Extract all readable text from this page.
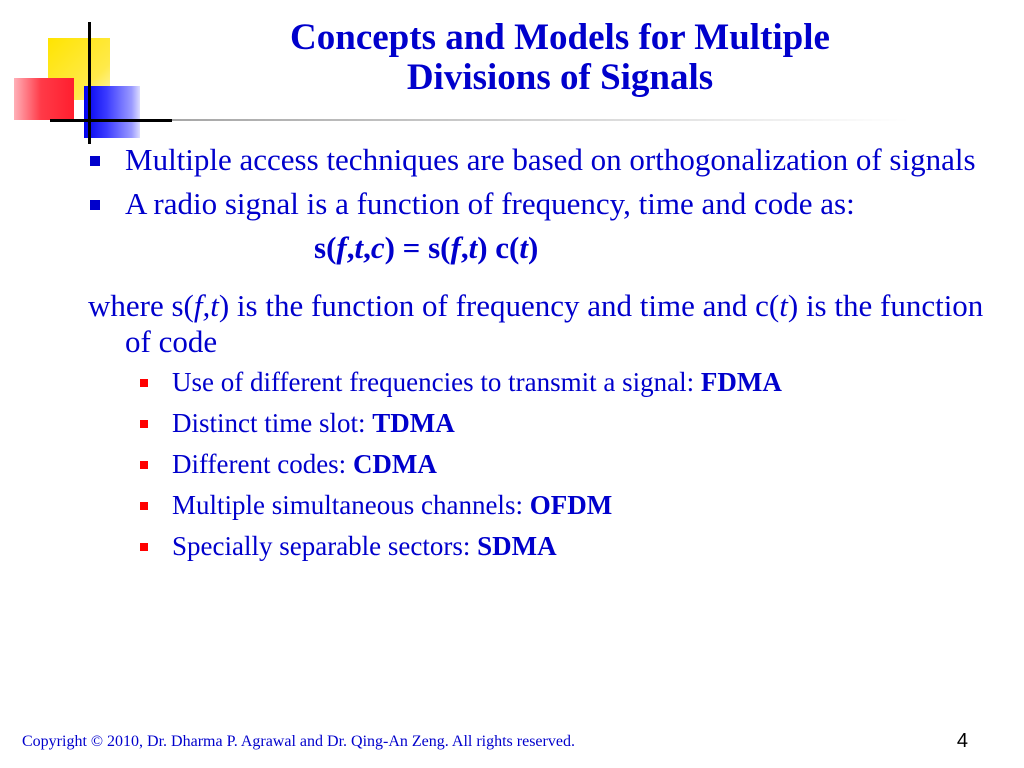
Concepts and Models for Multiple
Divisions of Signals

Multiple access techniques are based on orthogonalization of signals

A radio signal is a function of frequency, time and code as:

s(f,t,c) = s(f,t) c(t)

where s(f,t) is the function of frequency and time and c(t) is the function of code

Use of different frequencies to transmit a signal: FDMA

Distinct time slot: TDMA

Different codes: CDMA

Multiple simultaneous channels: OFDM

Specially separable sectors: SDMA

Copyright © 2010, Dr. Dharma P. Agrawal and Dr. Qing-An Zeng. All rights reserved.	4
